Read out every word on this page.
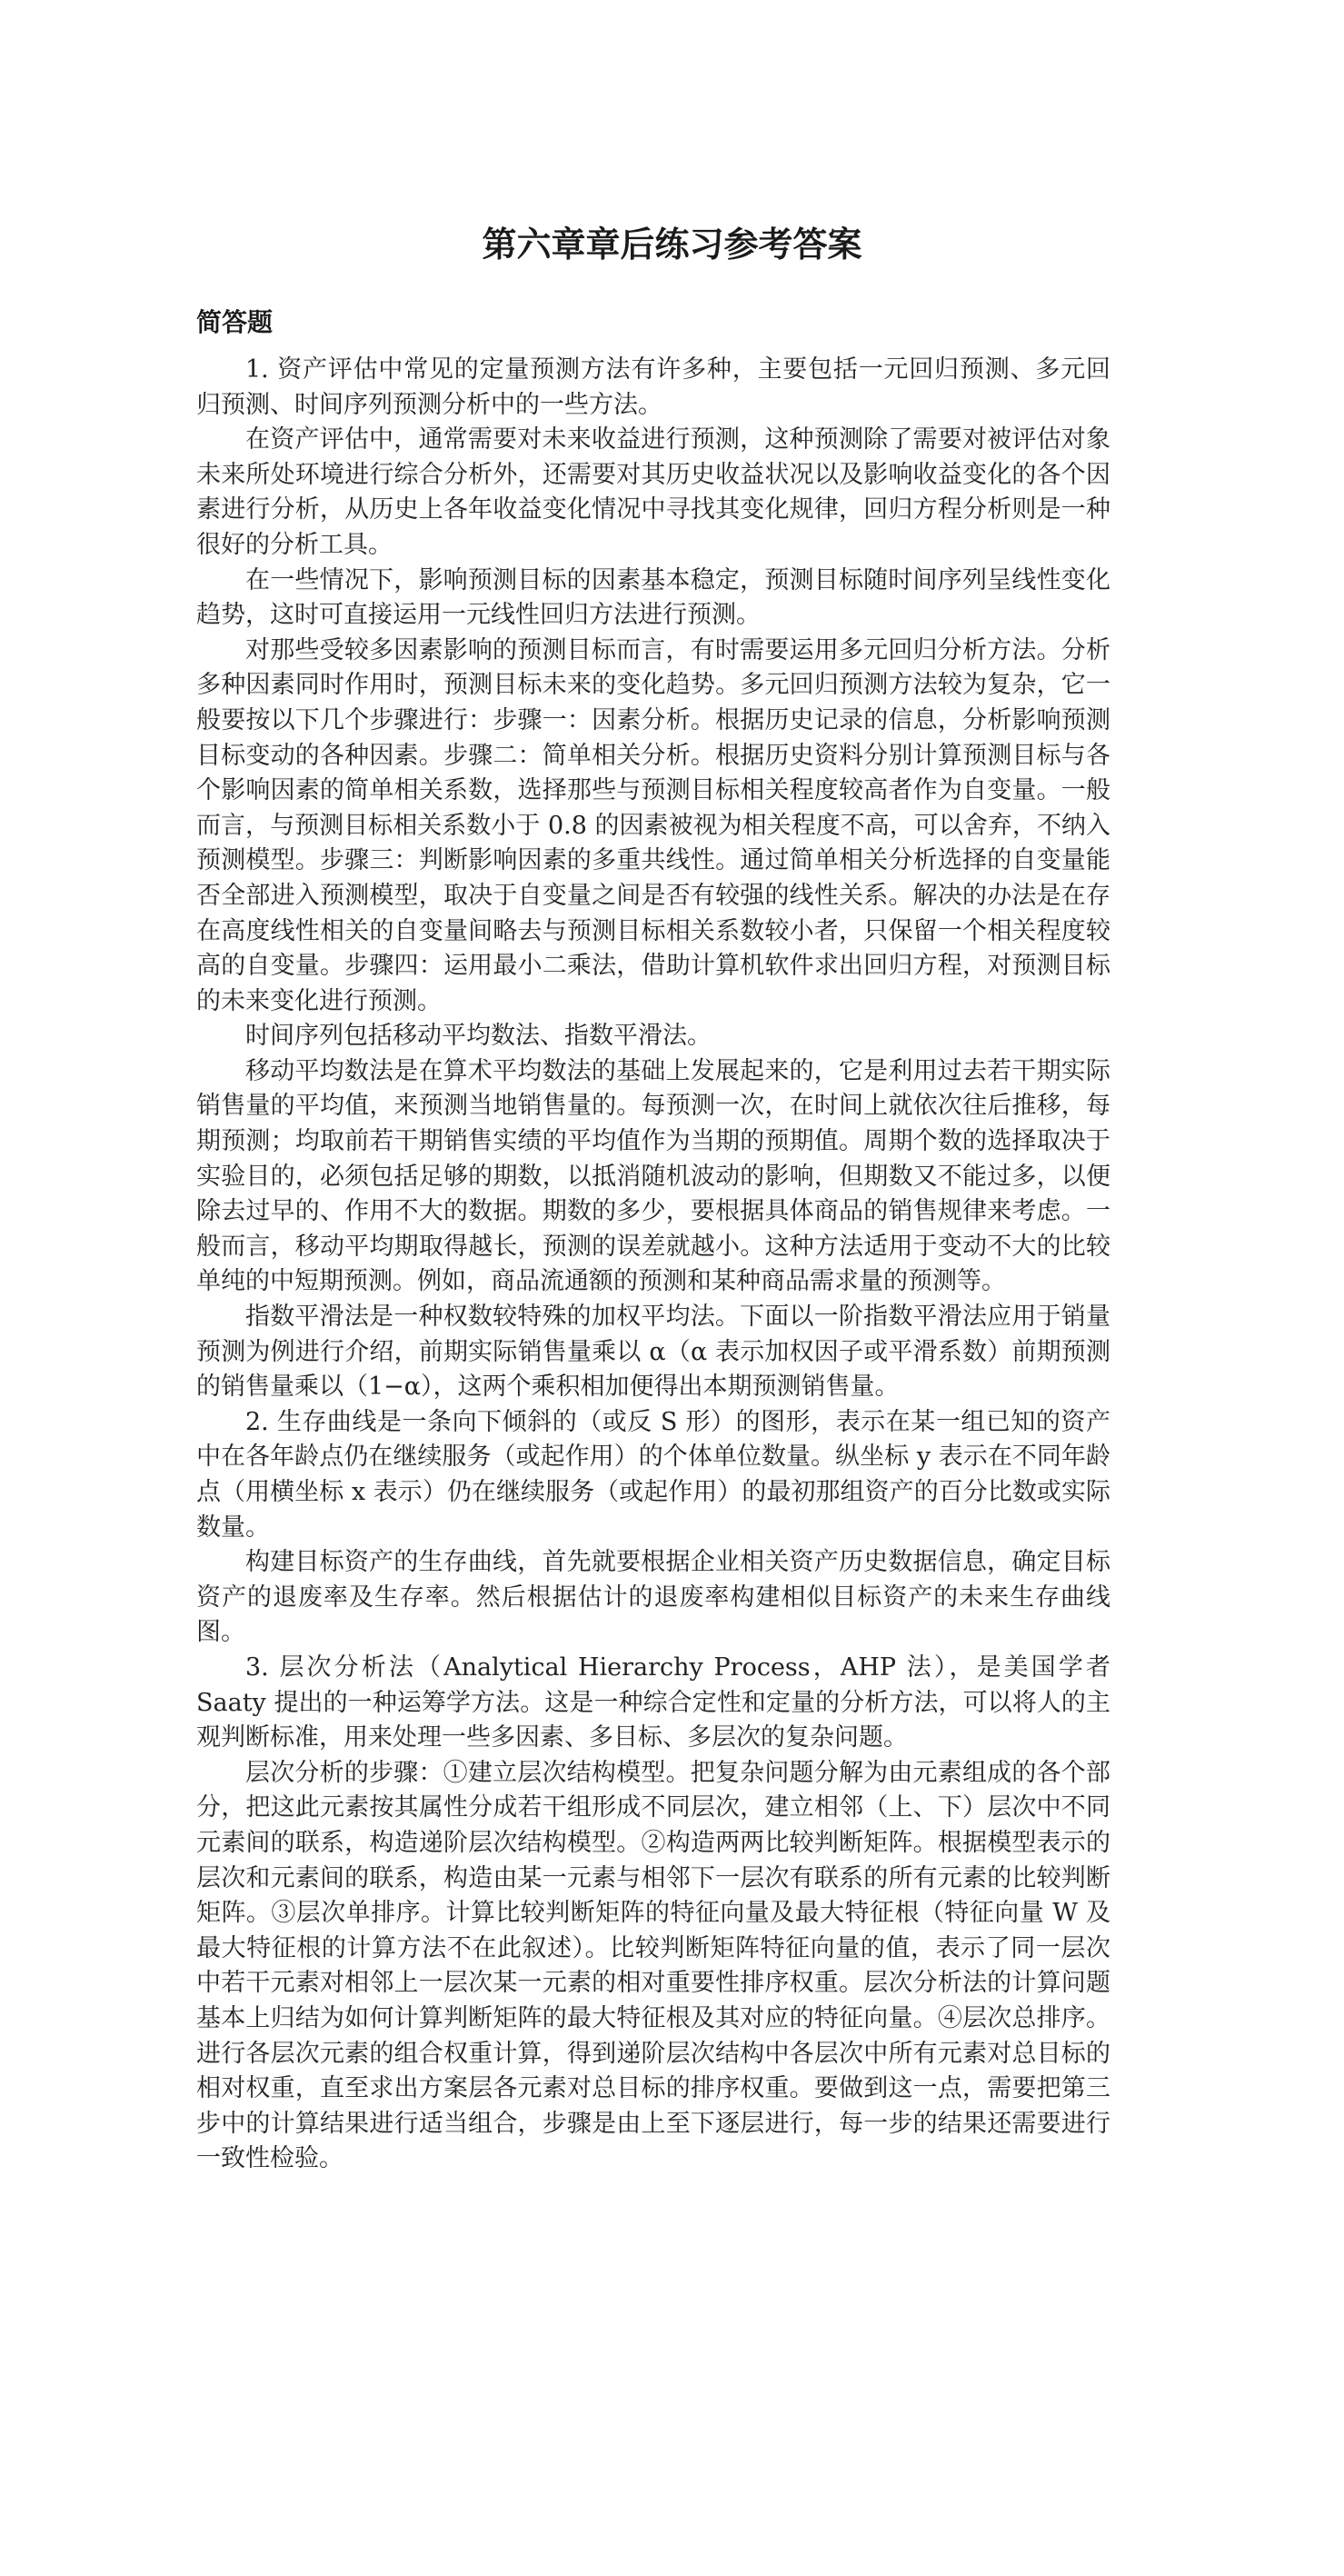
第六章章后练习参考答案
简答题

1. 资产评估中常见的定量预测方法有许多种，主要包括一元回归预测、多元回归预测、时间序列预测分析中的一些方法。

在资产评估中，通常需要对未来收益进行预测，这种预测除了需要对被评估对象未来所处环境进行综合分析外，还需要对其历史收益状况以及影响收益变化的各个因素进行分析，从历史上各年收益变化情况中寻找其变化规律，回归方程分析则是一种很好的分析工具。

在一些情况下，影响预测目标的因素基本稳定，预测目标随时间序列呈线性变化趋势，这时可直接运用一元线性回归方法进行预测。

对那些受较多因素影响的预测目标而言，有时需要运用多元回归分析方法。分析多种因素同时作用时，预测目标未来的变化趋势。多元回归预测方法较为复杂，它一般要按以下几个步骤进行：步骤一：因素分析。根据历史记录的信息，分析影响预测目标变动的各种因素。步骤二：简单相关分析。根据历史资料分别计算预测目标与各个影响因素的简单相关系数，选择那些与预测目标相关程度较高者作为自变量。一般而言，与预测目标相关系数小于 0.8 的因素被视为相关程度不高，可以舍弃，不纳入预测模型。步骤三：判断影响因素的多重共线性。通过简单相关分析选择的自变量能否全部进入预测模型，取决于自变量之间是否有较强的线性关系。解决的办法是在存在高度线性相关的自变量间略去与预测目标相关系数较小者，只保留一个相关程度较高的自变量。步骤四：运用最小二乘法，借助计算机软件求出回归方程，对预测目标的未来变化进行预测。

时间序列包括移动平均数法、指数平滑法。

移动平均数法是在算术平均数法的基础上发展起来的，它是利用过去若干期实际销售量的平均值，来预测当地销售量的。每预测一次，在时间上就依次往后推移，每期预测；均取前若干期销售实绩的平均值作为当期的预期值。周期个数的选择取决于实验目的，必须包括足够的期数，以抵消随机波动的影响，但期数又不能过多，以便除去过早的、作用不大的数据。期数的多少，要根据具体商品的销售规律来考虑。一般而言，移动平均期取得越长，预测的误差就越小。这种方法适用于变动不大的比较单纯的中短期预测。例如，商品流通额的预测和某种商品需求量的预测等。

指数平滑法是一种权数较特殊的加权平均法。下面以一阶指数平滑法应用于销量预测为例进行介绍，前期实际销售量乘以 α（α 表示加权因子或平滑系数）前期预测的销售量乘以（1−α），这两个乘积相加便得出本期预测销售量。

2. 生存曲线是一条向下倾斜的（或反 S 形）的图形，表示在某一组已知的资产中在各年龄点仍在继续服务（或起作用）的个体单位数量。纵坐标 y 表示在不同年龄点（用横坐标 x 表示）仍在继续服务（或起作用）的最初那组资产的百分比数或实际数量。

构建目标资产的生存曲线，首先就要根据企业相关资产历史数据信息，确定目标资产的退废率及生存率。然后根据估计的退废率构建相似目标资产的未来生存曲线图。

3. 层次分析法（Analytical Hierarchy Process，AHP 法），是美国学者 Saaty 提出的一种运筹学方法。这是一种综合定性和定量的分析方法，可以将人的主观判断标准，用来处理一些多因素、多目标、多层次的复杂问题。

层次分析的步骤：①建立层次结构模型。把复杂问题分解为由元素组成的各个部分，把这此元素按其属性分成若干组形成不同层次，建立相邻（上、下）层次中不同元素间的联系，构造递阶层次结构模型。②构造两两比较判断矩阵。根据模型表示的层次和元素间的联系，构造由某一元素与相邻下一层次有联系的所有元素的比较判断矩阵。③层次单排序。计算比较判断矩阵的特征向量及最大特征根（特征向量 W 及最大特征根的计算方法不在此叙述）。比较判断矩阵特征向量的值，表示了同一层次中若干元素对相邻上一层次某一元素的相对重要性排序权重。层次分析法的计算问题基本上归结为如何计算判断矩阵的最大特征根及其对应的特征向量。④层次总排序。进行各层次元素的组合权重计算，得到递阶层次结构中各层次中所有元素对总目标的相对权重，直至求出方案层各元素对总目标的排序权重。要做到这一点，需要把第三步中的计算结果进行适当组合，步骤是由上至下逐层进行，每一步的结果还需要进行一致性检验。
